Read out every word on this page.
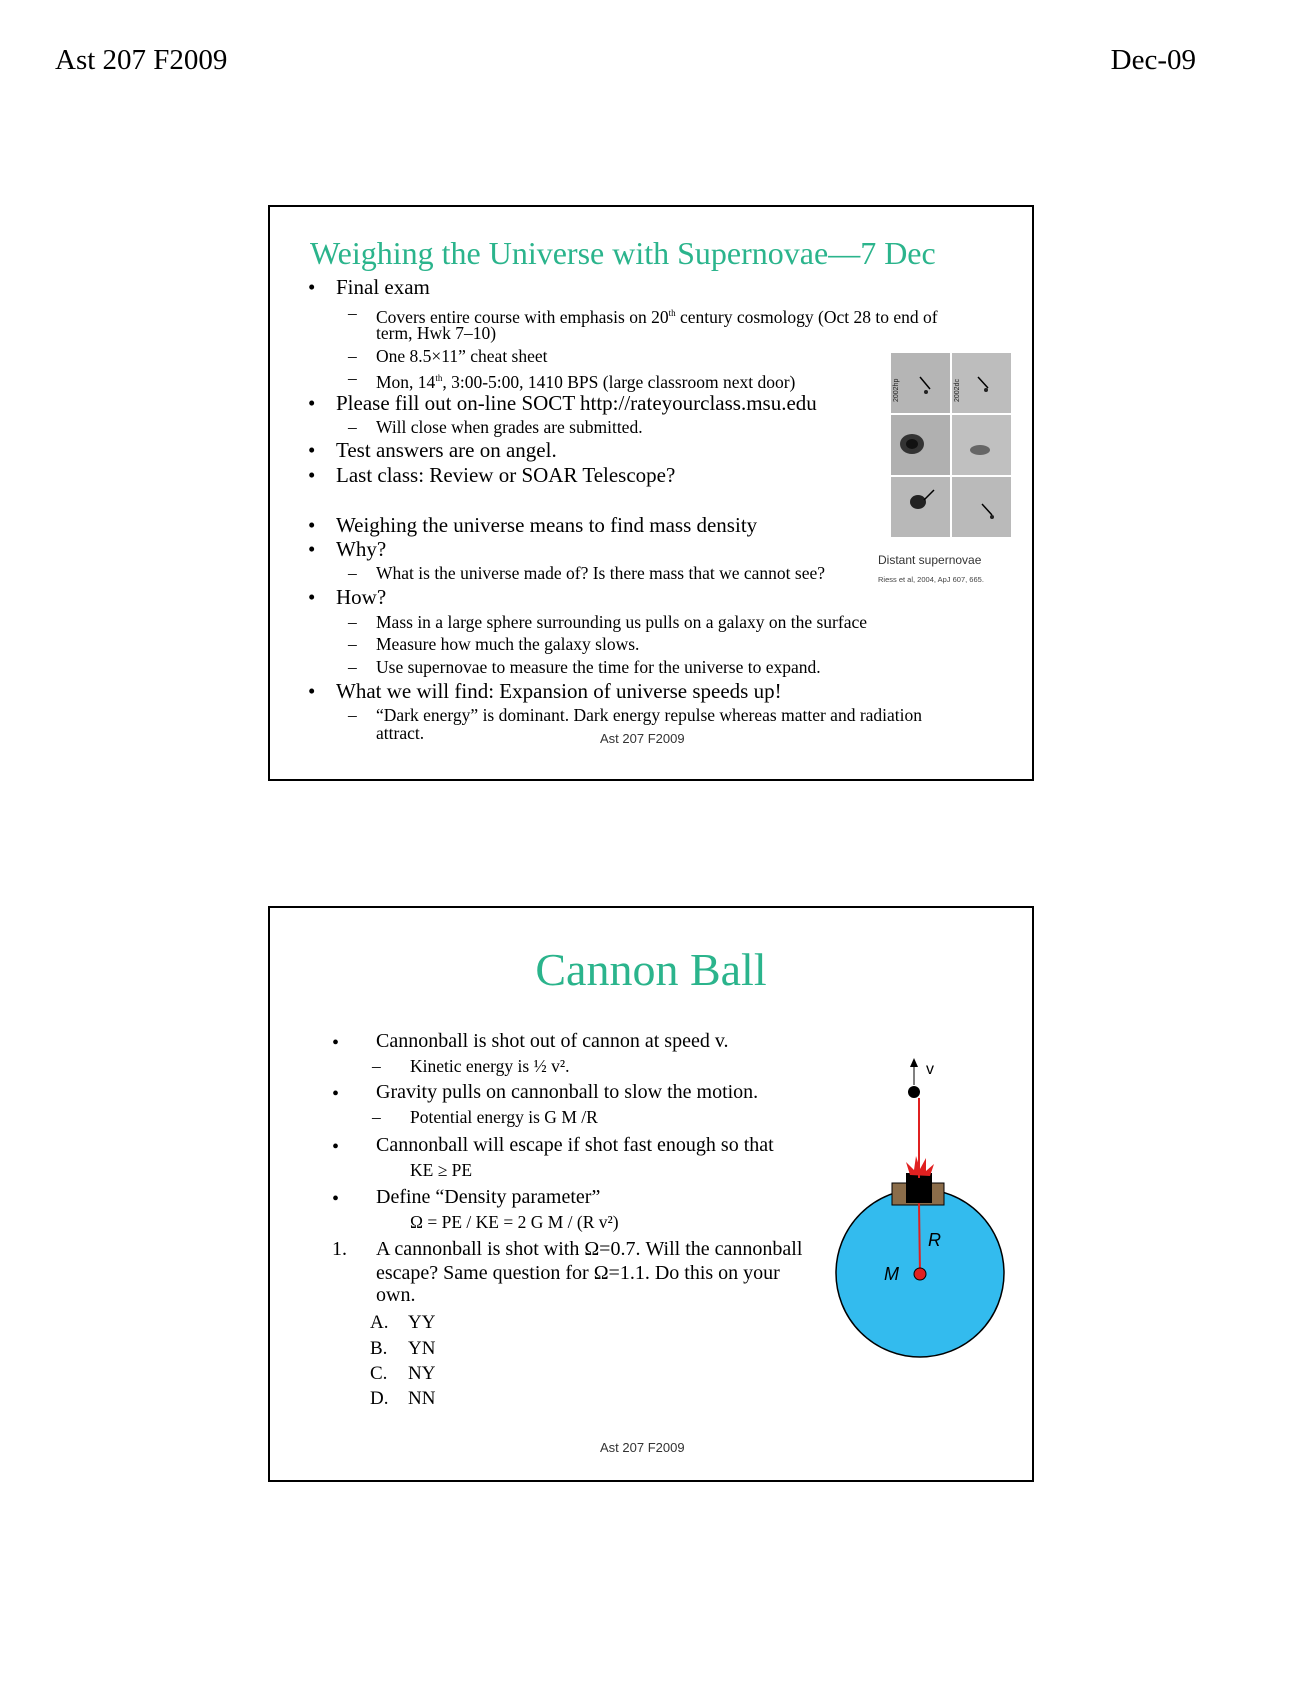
Ast 207 F2009	Dec-09
Weighing the Universe with Supernovae—7 Dec
• Final exam
– Covers entire course with emphasis on 20th century cosmology (Oct 28 to end of
term, Hwk 7–10)
– One 8.5×11” cheat sheet
– Mon, 14th, 3:00-5:00, 1410 BPS (large classroom next door)
• Please fill out on-line SOCT http://rateyourclass.msu.edu
– Will close when grades are submitted.
• Test answers are on angel.
• Last class: Review or SOAR Telescope?
• Weighing the universe means to find mass density
• Why?
– What is the universe made of? Is there mass that we cannot see?
• How?
– Mass in a large sphere surrounding us pulls on a galaxy on the surface
– Measure how much the galaxy slows.
– Use supernovae to measure the time for the universe to expand.
• What we will find: Expansion of universe speeds up!
– “Dark energy” is dominant. Dark energy repulse whereas matter and radiation
attract.	Ast 207 F2009
2002hp	2002dc
Distant supernovae
Riess et al, 2004, ApJ 607, 665.
Cannon Ball
• Cannonball is shot out of cannon at speed v.
– Kinetic energy is ½ v².
• Gravity pulls on cannonball to slow the motion.
– Potential energy is G M /R
• Cannonball will escape if shot fast enough so that
KE ≥ PE
• Define “Density parameter”
Ω = PE / KE = 2 G M / (R v²)
1. A cannonball is shot with Ω=0.7. Will the cannonball
escape? Same question for Ω=1.1. Do this on your
own.
A. YY
B. YN
C. NY
D. NN
Ast 207 F2009
v
R
M
